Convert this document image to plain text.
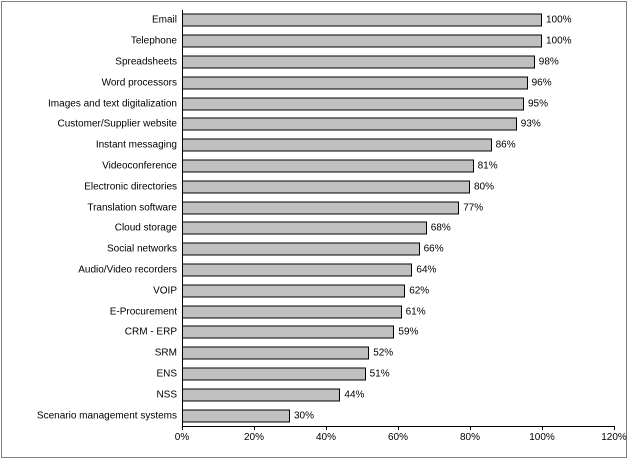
Email	100%
Telephone	100%
Spreadsheets	98%
Word processors	96%
Images and text digitalization	95%
Customer/Supplier website	93%
Instant messaging	86%
Videoconference	81%
Electronic directories	80%
Translation software	77%
Cloud storage	68%
Social networks	66%
Audio/Video recorders	64%
VOIP	62%
E-Procurement	61%
CRM - ERP	59%
SRM	52%
ENS	51%
NSS	44%
Scenario management systems	30%
0%	20%	40%	60%	80%	100%	120%
